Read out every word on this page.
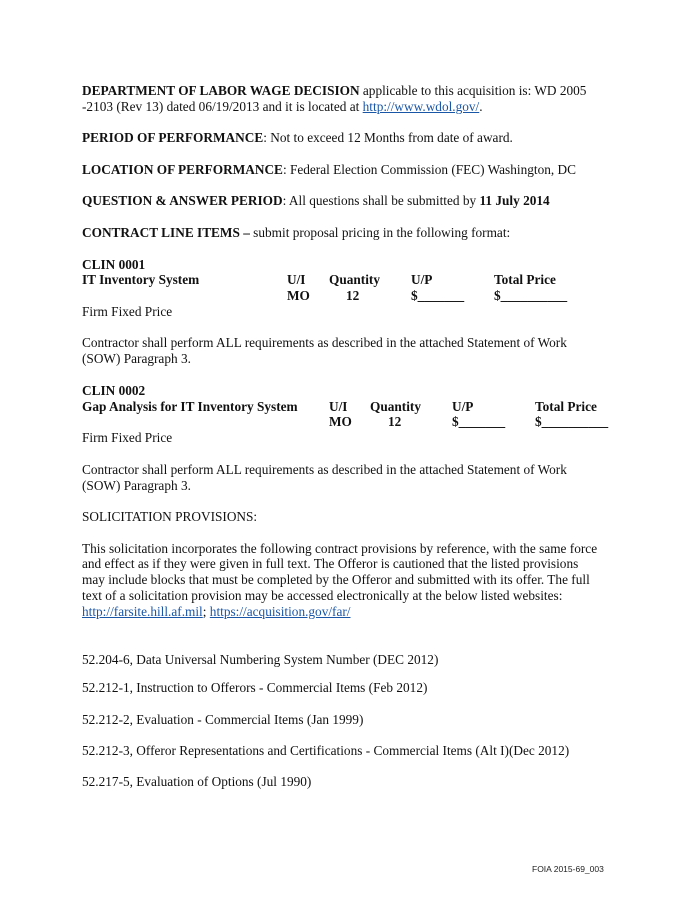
DEPARTMENT OF LABOR WAGE DECISION applicable to this acquisition is: WD 2005
-2103 (Rev 13) dated 06/19/2013 and it is located at http://www.wdol.gov/.
PERIOD OF PERFORMANCE: Not to exceed 12 Months from date of award.
LOCATION OF PERFORMANCE: Federal Election Commission (FEC) Washington, DC
QUESTION & ANSWER PERIOD: All questions shall be submitted by 11 July 2014
CONTRACT LINE ITEMS – submit proposal pricing in the following format:
CLIN 0001
IT Inventory System	U/I Quantity U/P	Total Price
MO	12	$_______ $__________
Firm Fixed Price
Contractor shall perform ALL requirements as described in the attached Statement of Work
(SOW) Paragraph 3.
CLIN 0002
Gap Analysis for IT Inventory System U/I Quantity U/P	Total Price
MO	12	$_______ $__________
Firm Fixed Price
Contractor shall perform ALL requirements as described in the attached Statement of Work
(SOW) Paragraph 3.
SOLICITATION PROVISIONS:
This solicitation incorporates the following contract provisions by reference, with the same force
and effect as if they were given in full text. The Offeror is cautioned that the listed provisions
may include blocks that must be completed by the Offeror and submitted with its offer. The full
text of a solicitation provision may be accessed electronically at the below listed websites:
http://farsite.hill.af.mil; https://acquisition.gov/far/
52.204-6, Data Universal Numbering System Number (DEC 2012)
52.212-1, Instruction to Offerors - Commercial Items (Feb 2012)
52.212-2, Evaluation - Commercial Items (Jan 1999)
52.212-3, Offeror Representations and Certifications - Commercial Items (Alt I)(Dec 2012)
52.217-5, Evaluation of Options (Jul 1990)
FOIA 2015-69_003
